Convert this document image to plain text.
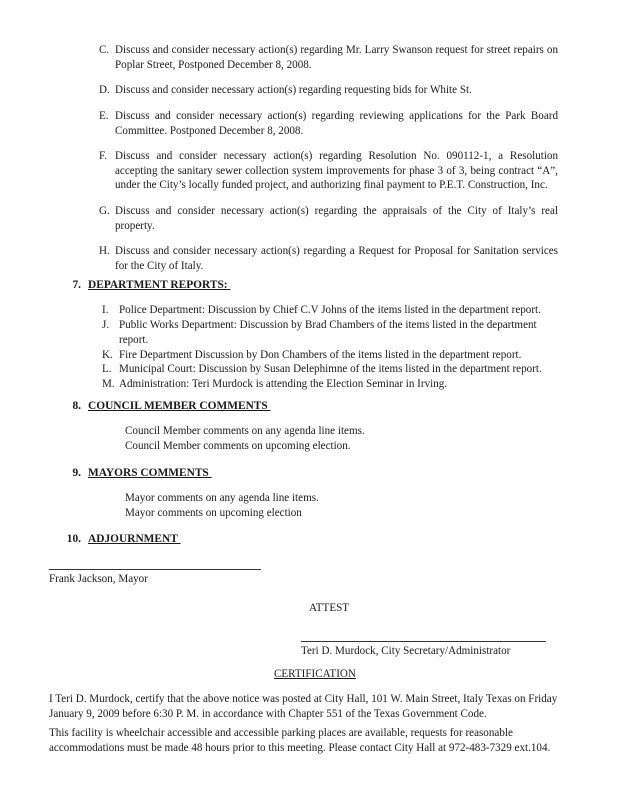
C. Discuss and consider necessary action(s) regarding Mr. Larry Swanson request for street repairs on Poplar Street, Postponed December 8, 2008.
D. Discuss and consider necessary action(s) regarding requesting bids for White St.
E. Discuss and consider necessary action(s) regarding reviewing applications for the Park Board Committee. Postponed December 8, 2008.
F. Discuss and consider necessary action(s) regarding Resolution No. 090112-1, a Resolution accepting the sanitary sewer collection system improvements for phase 3 of 3, being contract “A”, under the City’s locally funded project, and authorizing final payment to P.E.T. Construction, Inc.
G. Discuss and consider necessary action(s) regarding the appraisals of the City of Italy’s real property.
H. Discuss and consider necessary action(s) regarding a Request for Proposal for Sanitation services for the City of Italy.
7. DEPARTMENT REPORTS:
I. Police Department: Discussion by Chief C.V Johns of the items listed in the department report.
J. Public Works Department: Discussion by Brad Chambers of the items listed in the department report.
K. Fire Department Discussion by Don Chambers of the items listed in the department report.
L. Municipal Court: Discussion by Susan Delephimne of the items listed in the department report.
M. Administration: Teri Murdock is attending the Election Seminar in Irving.
8. COUNCIL MEMBER COMMENTS
Council Member comments on any agenda line items.
Council Member comments on upcoming election.
9. MAYORS COMMENTS
Mayor comments on any agenda line items.
Mayor comments on upcoming election
10. ADJOURNMENT
Frank Jackson, Mayor
ATTEST
Teri D. Murdock, City Secretary/Administrator
CERTIFICATION
I Teri D. Murdock, certify that the above notice was posted at City Hall, 101 W. Main Street, Italy Texas on Friday January 9, 2009 before 6:30 P. M. in accordance with Chapter 551 of the Texas Government Code.
This facility is wheelchair accessible and accessible parking places are available, requests for reasonable accommodations must be made 48 hours prior to this meeting. Please contact City Hall at 972-483-7329 ext.104.
